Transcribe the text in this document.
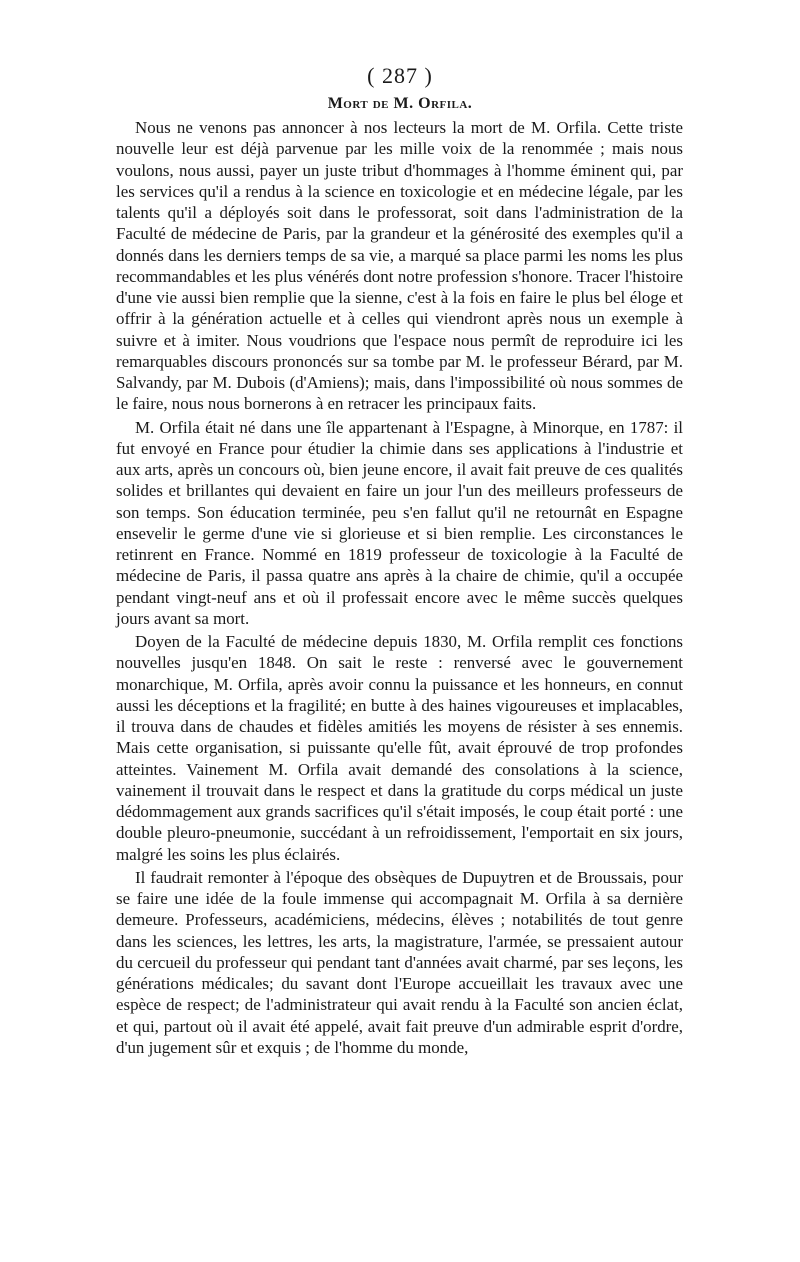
( 287 )
Mort de M. Orfila.

Nous ne venons pas annoncer à nos lecteurs la mort de M. Orfila. Cette triste nouvelle leur est déjà parvenue par les mille voix de la renommée ; mais nous voulons, nous aussi, payer un juste tribut d'hommages à l'homme éminent qui, par les services qu'il a rendus à la science en toxicologie et en médecine légale, par les talents qu'il a déployés soit dans le professorat, soit dans l'administration de la Faculté de médecine de Paris, par la grandeur et la générosité des exemples qu'il a donnés dans les derniers temps de sa vie, a marqué sa place parmi les noms les plus recommandables et les plus vénérés dont notre profession s'honore. Tracer l'histoire d'une vie aussi bien remplie que la sienne, c'est à la fois en faire le plus bel éloge et offrir à la génération actuelle et à celles qui viendront après nous un exemple à suivre et à imiter. Nous voudrions que l'espace nous permît de reproduire ici les remarquables discours prononcés sur sa tombe par M. le professeur Bérard, par M. Salvandy, par M. Dubois (d'Amiens); mais, dans l'impossibilité où nous sommes de le faire, nous nous bornerons à en retracer les principaux faits.

M. Orfila était né dans une île appartenant à l'Espagne, à Minorque, en 1787: il fut envoyé en France pour étudier la chimie dans ses applications à l'industrie et aux arts, après un concours où, bien jeune encore, il avait fait preuve de ces qualités solides et brillantes qui devaient en faire un jour l'un des meilleurs professeurs de son temps. Son éducation terminée, peu s'en fallut qu'il ne retournât en Espagne ensevelir le germe d'une vie si glorieuse et si bien remplie. Les circonstances le retinrent en France. Nommé en 1819 professeur de toxicologie à la Faculté de médecine de Paris, il passa quatre ans après à la chaire de chimie, qu'il a occupée pendant vingt-neuf ans et où il professait encore avec le même succès quelques jours avant sa mort.

Doyen de la Faculté de médecine depuis 1830, M. Orfila remplit ces fonctions nouvelles jusqu'en 1848. On sait le reste : renversé avec le gouvernement monarchique, M. Orfila, après avoir connu la puissance et les honneurs, en connut aussi les déceptions et la fragilité; en butte à des haines vigoureuses et implacables, il trouva dans de chaudes et fidèles amitiés les moyens de résister à ses ennemis. Mais cette organisation, si puissante qu'elle fût, avait éprouvé de trop profondes atteintes. Vainement M. Orfila avait demandé des consolations à la science, vainement il trouvait dans le respect et dans la gratitude du corps médical un juste dédommagement aux grands sacrifices qu'il s'était imposés, le coup était porté : une double pleuro-pneumonie, succédant à un refroidissement, l'emportait en six jours, malgré les soins les plus éclairés.

Il faudrait remonter à l'époque des obsèques de Dupuytren et de Broussais, pour se faire une idée de la foule immense qui accompagnait M. Orfila à sa dernière demeure. Professeurs, académiciens, médecins, élèves ; notabilités de tout genre dans les sciences, les lettres, les arts, la magistrature, l'armée, se pressaient autour du cercueil du professeur qui pendant tant d'années avait charmé, par ses leçons, les générations médicales; du savant dont l'Europe accueillait les travaux avec une espèce de respect; de l'administrateur qui avait rendu à la Faculté son ancien éclat, et qui, partout où il avait été appelé, avait fait preuve d'un admirable esprit d'ordre, d'un jugement sûr et exquis ; de l'homme du monde,
